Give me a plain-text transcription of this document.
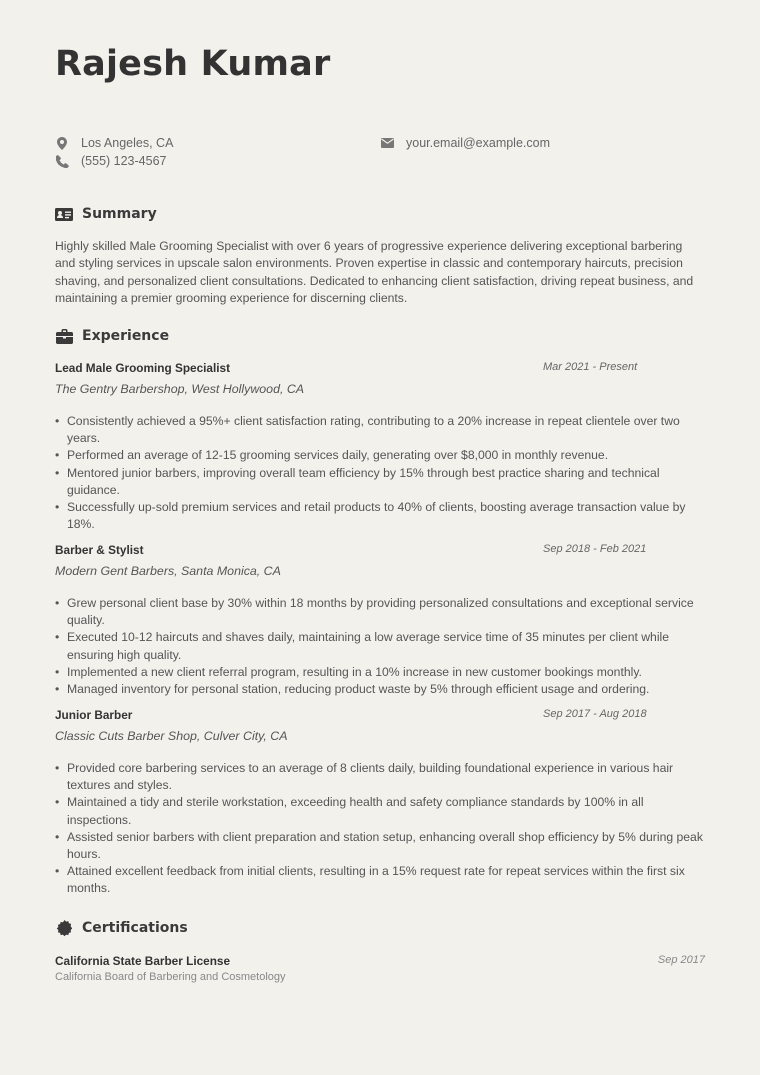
Rajesh Kumar
Los Angeles, CA
(555) 123-4567
your.email@example.com
Summary

Highly skilled Male Grooming Specialist with over 6 years of progressive experience delivering exceptional barbering and styling services in upscale salon environments. Proven expertise in classic and contemporary haircuts, precision shaving, and personalized client consultations. Dedicated to enhancing client satisfaction, driving repeat business, and maintaining a premier grooming experience for discerning clients.

Experience
Lead Male Grooming Specialist	Mar 2021 - Present
The Gentry Barbershop, West Hollywood, CA
• Consistently achieved a 95%+ client satisfaction rating, contributing to a 20% increase in repeat clientele over two years.
• Performed an average of 12-15 grooming services daily, generating over $8,000 in monthly revenue.
• Mentored junior barbers, improving overall team efficiency by 15% through best practice sharing and technical guidance.
• Successfully up-sold premium services and retail products to 40% of clients, boosting average transaction value by 18%.
Barber & Stylist	Sep 2018 - Feb 2021
Modern Gent Barbers, Santa Monica, CA
• Grew personal client base by 30% within 18 months by providing personalized consultations and exceptional service quality.
• Executed 10-12 haircuts and shaves daily, maintaining a low average service time of 35 minutes per client while ensuring high quality.
• Implemented a new client referral program, resulting in a 10% increase in new customer bookings monthly.
• Managed inventory for personal station, reducing product waste by 5% through efficient usage and ordering.
Junior Barber	Sep 2017 - Aug 2018
Classic Cuts Barber Shop, Culver City, CA
• Provided core barbering services to an average of 8 clients daily, building foundational experience in various hair textures and styles.
• Maintained a tidy and sterile workstation, exceeding health and safety compliance standards by 100% in all inspections.
• Assisted senior barbers with client preparation and station setup, enhancing overall shop efficiency by 5% during peak hours.
• Attained excellent feedback from initial clients, resulting in a 15% request rate for repeat services within the first six months.
Certifications
California State Barber License
California Board of Barbering and Cosmetology
Sep 2017
